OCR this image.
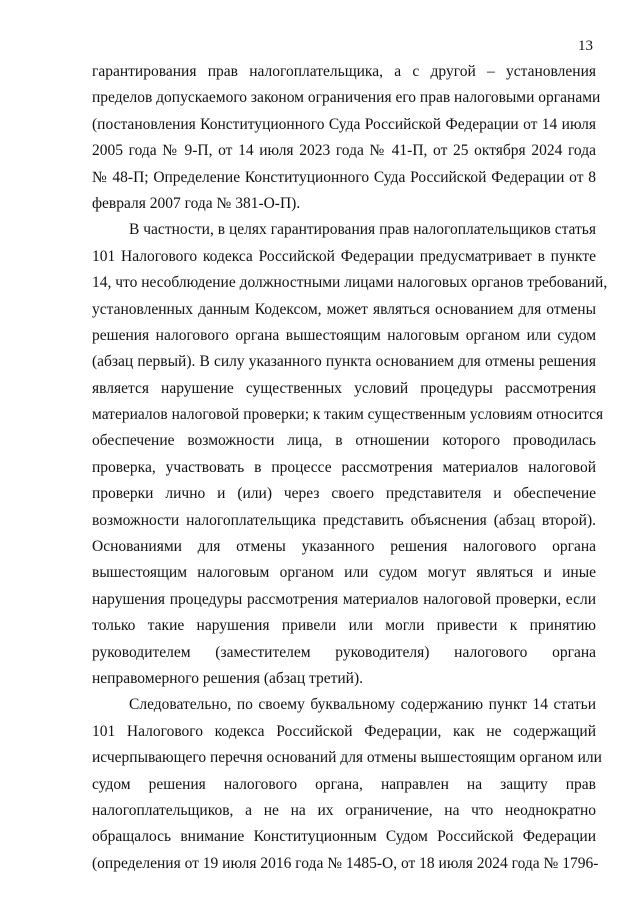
13
гарантирования прав налогоплательщика, а с другой – установления
пределов допускаемого законом ограничения его прав налоговыми органами
(постановления Конституционного Суда Российской Федерации от 14 июля
2005 года № 9-П, от 14 июля 2023 года № 41-П, от 25 октября 2024 года
№ 48-П; Определение Конституционного Суда Российской Федерации от 8
февраля 2007 года № 381-О-П).
В частности, в целях гарантирования прав налогоплательщиков статья
101 Налогового кодекса Российской Федерации предусматривает в пункте
14, что несоблюдение должностными лицами налоговых органов требований,
установленных данным Кодексом, может являться основанием для отмены
решения налогового органа вышестоящим налоговым органом или судом
(абзац первый). В силу указанного пункта основанием для отмены решения
является нарушение существенных условий процедуры рассмотрения
материалов налоговой проверки; к таким существенным условиям относится
обеспечение возможности лица, в отношении которого проводилась
проверка, участвовать в процессе рассмотрения материалов налоговой
проверки лично и (или) через своего представителя и обеспечение
возможности налогоплательщика представить объяснения (абзац второй).
Основаниями для отмены указанного решения налогового органа
вышестоящим налоговым органом или судом могут являться и иные
нарушения процедуры рассмотрения материалов налоговой проверки, если
только такие нарушения привели или могли привести к принятию
руководителем (заместителем руководителя) налогового органа
неправомерного решения (абзац третий).
Следовательно, по своему буквальному содержанию пункт 14 статьи
101 Налогового кодекса Российской Федерации, как не содержащий
исчерпывающего перечня оснований для отмены вышестоящим органом или
судом решения налогового органа, направлен на защиту прав
налогоплательщиков, а не на их ограничение, на что неоднократно
обращалось внимание Конституционным Судом Российской Федерации
(определения от 19 июля 2016 года № 1485-О, от 18 июля 2024 года № 1796-
